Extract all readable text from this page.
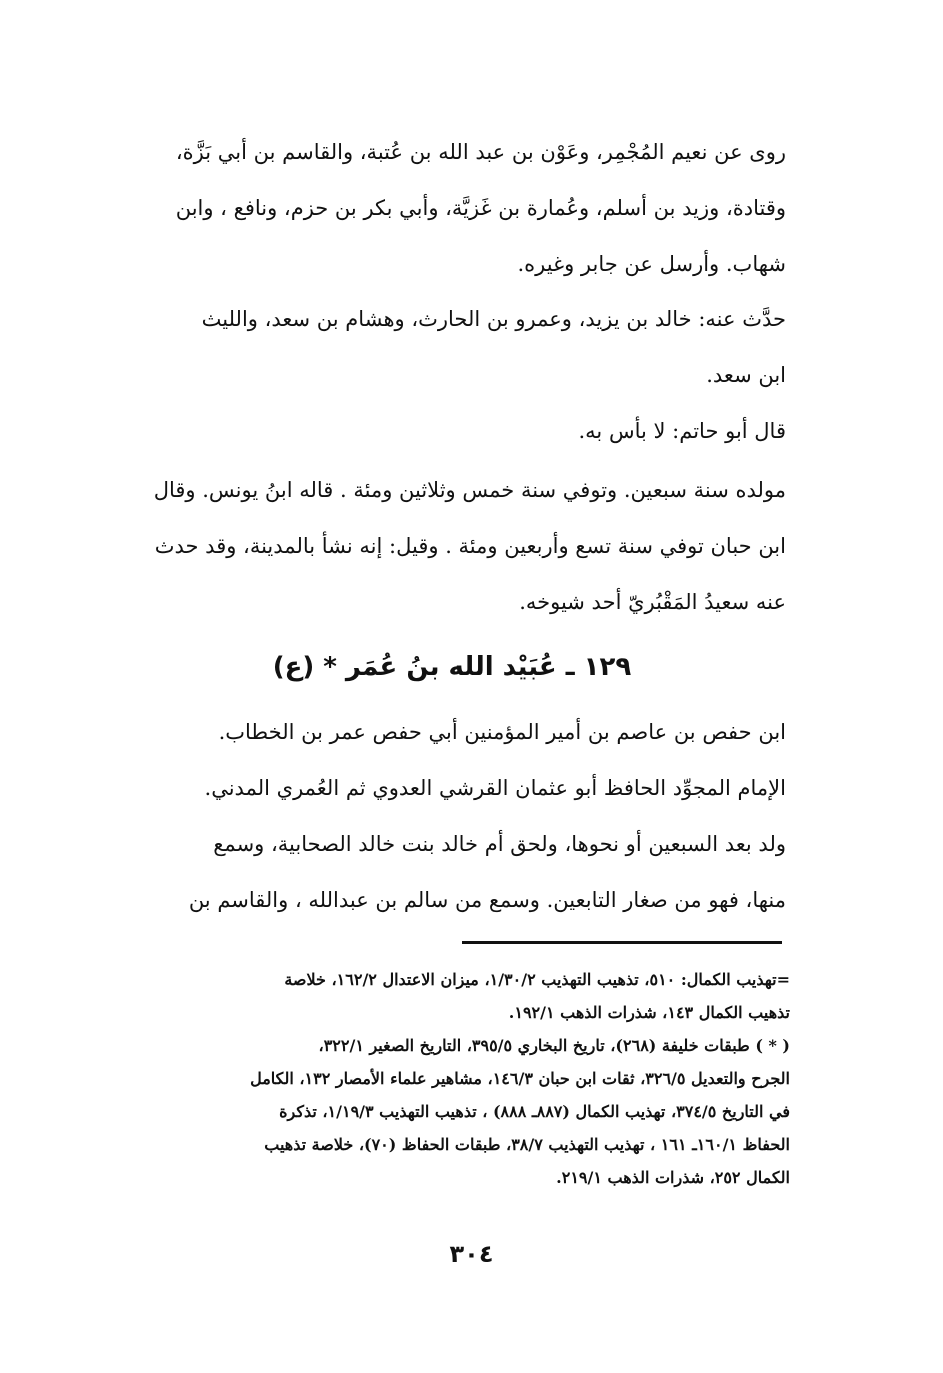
روى عن نعيم المُجْمِر، وعَوْن بن عبد الله بن عُتبة، والقاسم بن أبي بَزَّة،
وقتادة، وزيد بن أسلم، وعُمارة بن غَزيَّة، وأبي بكر بن حزم، ونافع ، وابن
شهاب. وأرسل عن جابر وغيره.
حدَّث عنه: خالد بن يزيد، وعمرو بن الحارث، وهشام بن سعد، والليث
ابن سعد.
قال أبو حاتم: لا بأس به.
مولده سنة سبعين. وتوفي سنة خمس وثلاثين ومئة . قاله ابنُ يونس. وقال
ابن حبان توفي سنة تسع وأربعين ومئة . وقيل: إنه نشأ بالمدينة، وقد حدث
عنه سعيدُ المَقْبُريّ أحد شيوخه.
١٢٩ ـ عُبَيْد الله بنُ عُمَر * (ع)
ابن حفص بن عاصم بن أمير المؤمنين أبي حفص عمر بن الخطاب.
الإمام المجوِّد الحافظ أبو عثمان القرشي العدوي ثم العُمري المدني.
ولد بعد السبعين أو نحوها، ولحق أم خالد بنت خالد الصحابية، وسمع
منها، فهو من صغار التابعين. وسمع من سالم بن عبدالله ، والقاسم بن
=تهذيب الكمال: ٥١٠، تذهيب التهذيب ١/٣٠/٢، ميزان الاعتدال ١٦٢/٢، خلاصة
تذهيب الكمال ١٤٣، شذرات الذهب ١٩٢/١.
( * ) طبقات خليفة (٢٦٨)، تاريخ البخاري ٣٩٥/٥، التاريخ الصغير ٣٢٢/١،
الجرح والتعديل ٣٢٦/٥، ثقات ابن حبان ١٤٦/٣، مشاهير علماء الأمصار ١٣٢، الكامل
في التاريخ ٣٧٤/٥، تهذيب الكمال (٨٨٧ـ ٨٨٨) ، تذهيب التهذيب ١/١٩/٣، تذكرة
الحفاظ ١٦٠/١ـ ١٦١ ، تهذيب التهذيب ٣٨/٧، طبقات الحفاظ (٧٠)، خلاصة تذهيب
الكمال ٢٥٢، شذرات الذهب ٢١٩/١.
٣٠٤
